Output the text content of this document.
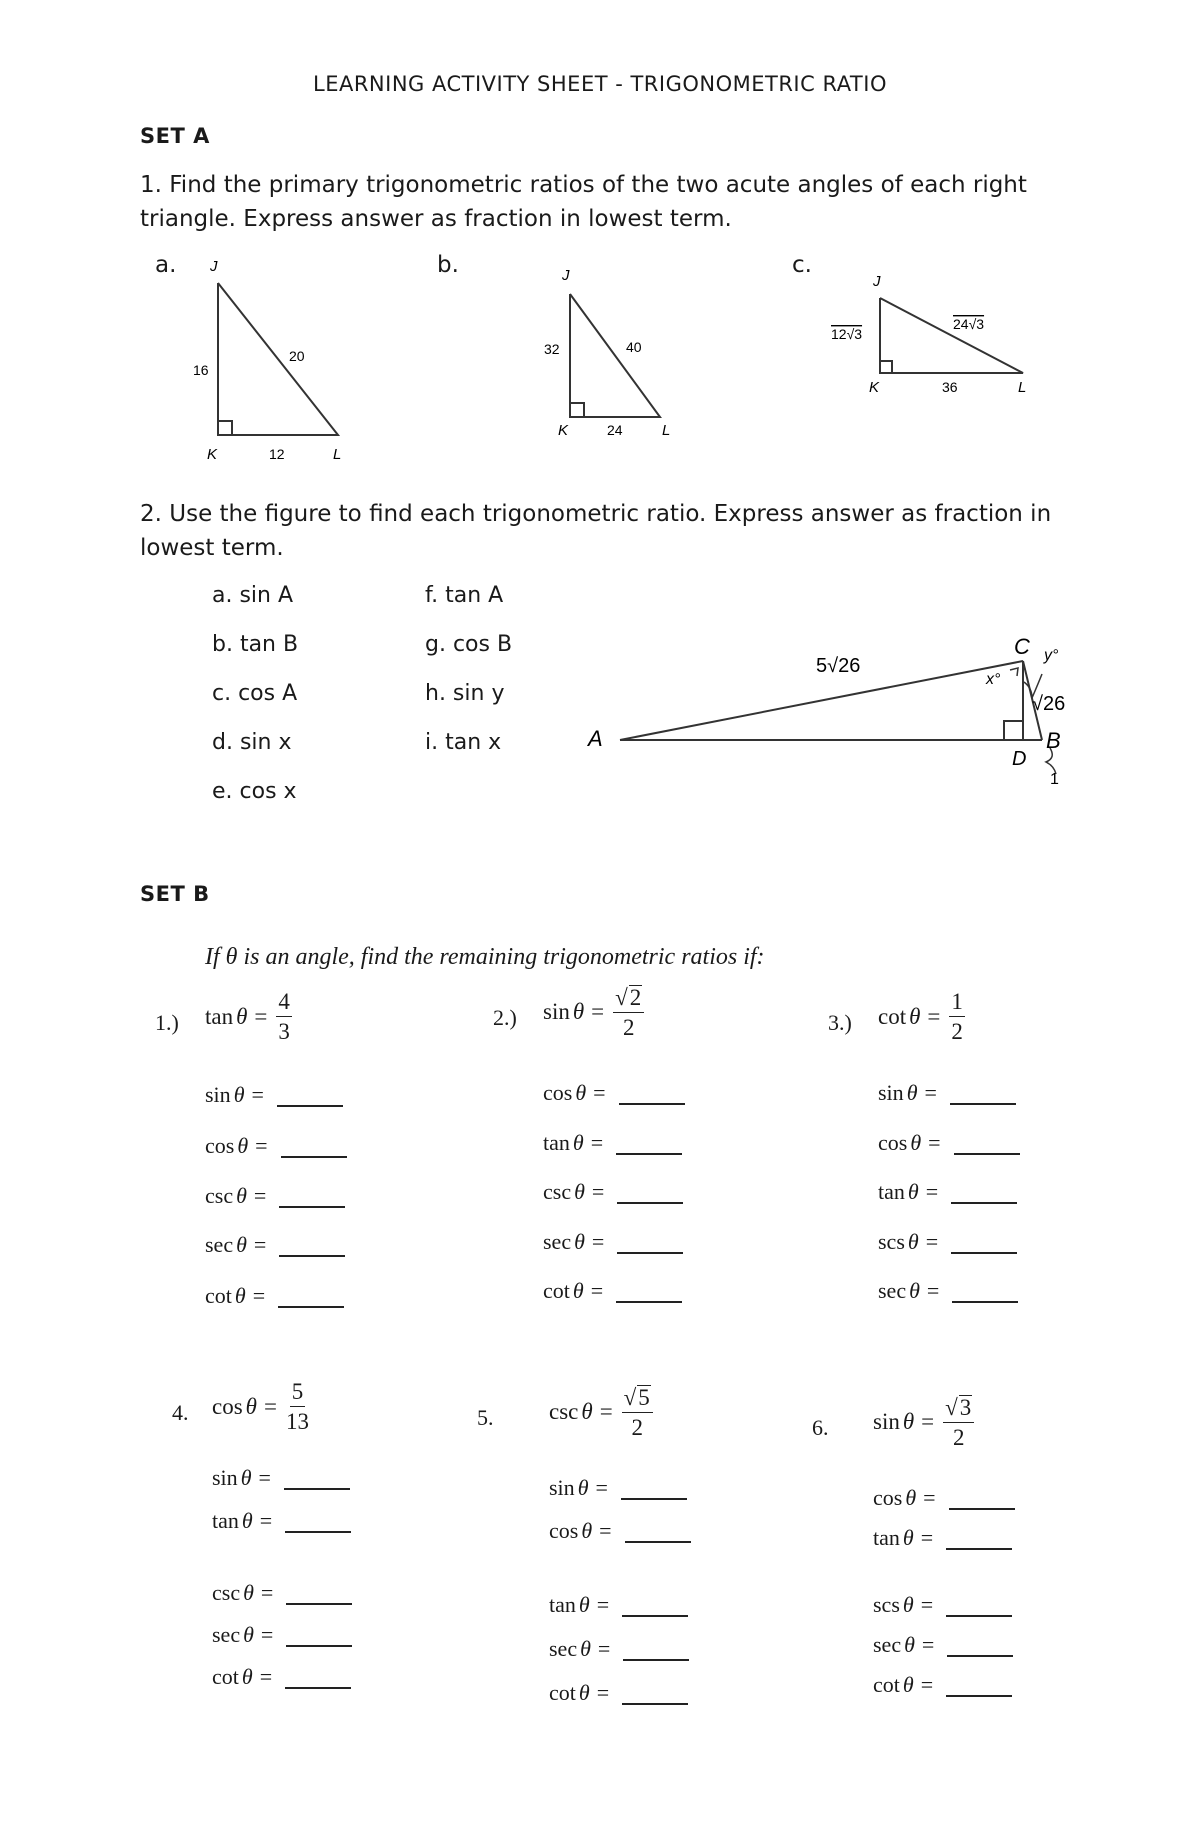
LEARNING ACTIVITY SHEET - TRIGONOMETRIC RATIO
SET A
1. Find the primary trigonometric ratios of the two acute angles of each right triangle. Express answer as fraction in lowest term.
a.	b.	c.
J
K	L
16
12
20
J
K	L
32
24
40
J
K	L
12√3
36
24√3
2. Use the figure to find each trigonometric ratio. Express answer as fraction in lowest term.
a. sin A
b. tan B
c. cos A
d. sin x
e. cos x
f. tan A
g. cos B
h. sin y
i. tan x	A
C
D
B
5√26
√26
x°
y°
1
SET B
If θ is an angle, find the remaining trigonometric ratios if:
1.) $\tan \theta = \frac{4}{3}$
sin θ =
cos θ =
csc θ =
sec θ =
cot θ =
2.) $\sin \theta = \frac{√ 2}{2}$
cos θ =
tan θ =
csc θ =
sec θ =
cot θ =
3.) $\cot \theta = \frac{1}{2}$
sin θ =
cos θ =
tan θ =
scs θ =
sec θ =
4. $\cos \theta = \frac{5}{13}$
sin θ =
tan θ =
csc θ =
sec θ =
cot θ =
5. $\csc \theta = \frac{√ 5}{2}$
sin θ =
cos θ =
tan θ =
sec θ =
cot θ =
6. $\sin \theta = \frac{√ 3}{2}$
cos θ =
tan θ =
scs θ =
sec θ =
cot θ =
